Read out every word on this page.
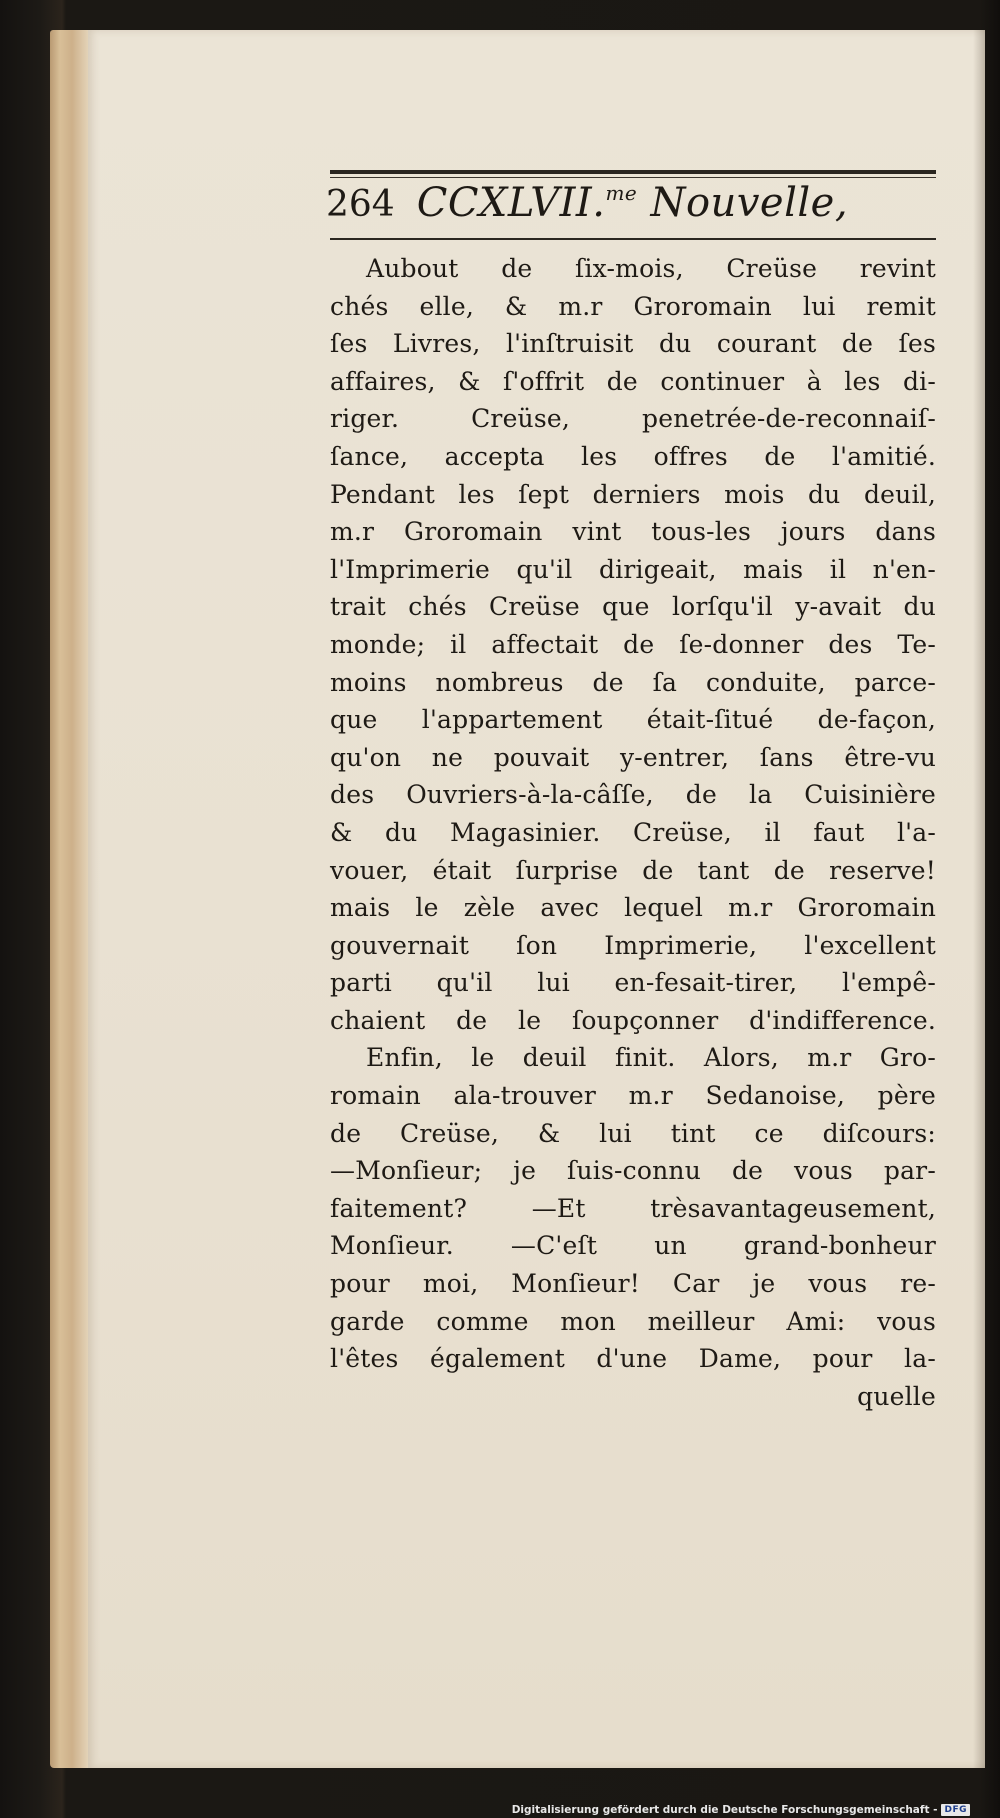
264 CCXLVII.$^{me}$ Nouvelle,
Aubout de ſix-mois, Creüse revint
chés elle, & m.r Groromain lui remit
ſes Livres, l'inſtruisit du courant de ſes
affaires, & ſ'offrit de continuer à les di-
riger. Creüse, penetrée-de-reconnaiſ-
ſance, accepta les offres de l'amitié.
Pendant les ſept derniers mois du deuil,
m.r Groromain vint tous-les jours dans
l'Imprimerie qu'il dirigeait, mais il n'en-
trait chés Creüse que lorſqu'il y-avait du
monde; il affectait de ſe-donner des Te-
moins nombreus de ſa conduite, parce-
que l'appartement était-ſitué de-façon,
qu'on ne pouvait y-entrer, ſans être-vu
des Ouvriers-à-la-câſſe, de la Cuisinière
& du Magasinier. Creüse, il faut l'a-
vouer, était ſurprise de tant de reserve!
mais le zèle avec lequel m.r Groromain
gouvernait ſon Imprimerie, l'excellent
parti qu'il lui en-fesait-tirer, l'empê-
chaient de le ſoupçonner d'indifference.
Enfin, le deuil finit. Alors, m.r Gro-
romain ala-trouver m.r Sedanoise, père
de Creüse, & lui tint ce diſcours:
—Monſieur; je ſuis-connu de vous par-
faitement? —Et trèsavantageusement,
Monſieur. —C'eſt un grand-bonheur
pour moi, Monſieur! Car je vous re-
garde comme mon meilleur Ami: vous
l'êtes également d'une Dame, pour la-
quelle
Digitalisierung gefördert durch die Deutsche Forschungsgemeinschaft - DFG
